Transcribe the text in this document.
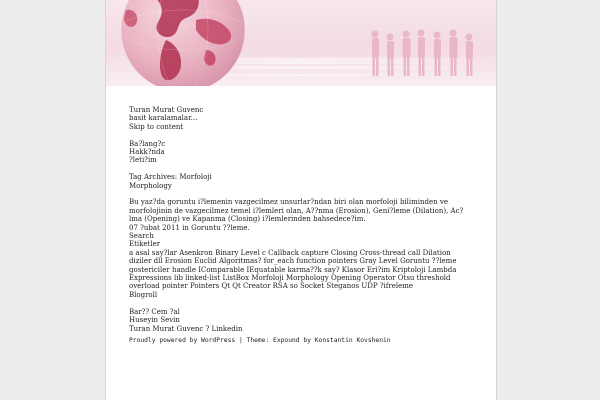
Turan Murat Guvenc

basit karalamalar...

Skip to content

Ba?lang?c

Hakk?nda

?leti?im

Tag Archives: Morfoloji

Morphology

Bu yaz?da goruntu i?lemenin vazgecilmez unsurlar?ndan biri olan morfoloji biliminden ve morfolojinin de vazgecilmez temel i?lemleri olan, A??nma (Erosion), Geni?leme (Dilation), Ac?lma (Opening) ve Kapanma (Closing) i?lemlerinden bahsedece?im.

07 ?ubat 2011 in Goruntu ??leme.

Search

Etiketler

a asal say?lar Asenkron Binary Level c Callback capture Closing Cross-thread call Dilation diziler dll Erosion Euclid Algoritmas? for_each function pointers Gray Level Goruntu ??leme gostericiler handle IComparable IEquatable karma??k say? Klasor Eri?im Kriptoloji Lambda Expressions lib linked-list ListBox Morfoloji Morphology Opening Operator Otsu threshold overload pointer Pointers Qt Qt Creator RSA so Socket Steganos UDP ?ifreleme

Blogroll

Bar?? Cem ?al

Huseyin Sevin

Turan Murat Guvenc ? Linkedin

Proudly powered by WordPress | Theme: Expound by Konstantin Kovshenin
